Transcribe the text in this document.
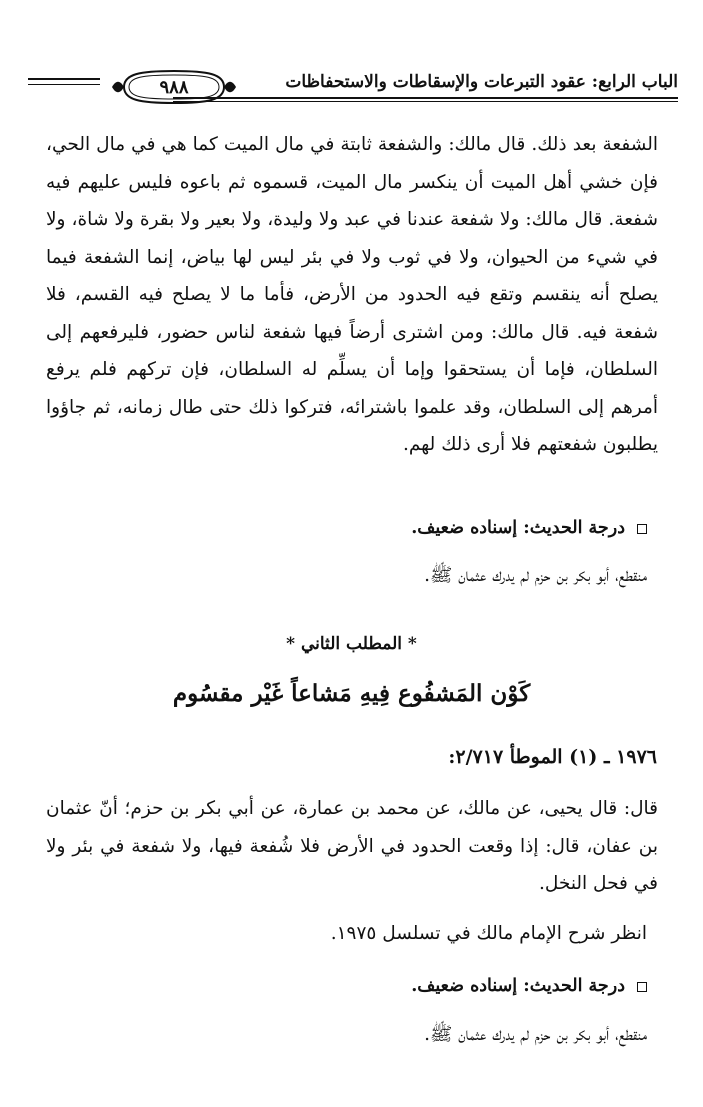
٩٨٨	الباب الرابع: عقود التبرعات والإسقاطات والاستحفاظات
الشفعة بعد ذلك. قال مالك: والشفعة ثابتة في مال الميت كما هي في مال الحي، فإن خشي أهل الميت أن ينكسر مال الميت، قسموه ثم باعوه فليس عليهم فيه شفعة. قال مالك: ولا شفعة عندنا في عبد ولا وليدة، ولا بعير ولا بقرة ولا شاة، ولا في شيء من الحيوان، ولا في ثوب ولا في بئر ليس لها بياض، إنما الشفعة فيما يصلح أنه ينقسم وتقع فيه الحدود من الأرض، فأما ما لا يصلح فيه القسم، فلا شفعة فيه. قال مالك: ومن اشترى أرضاً فيها شفعة لناس حضور، فليرفعهم إلى السلطان، فإما أن يستحقوا وإما أن يسلِّم له السلطان، فإن تركهم فلم يرفع أمرهم إلى السلطان، وقد علموا باشترائه، فتركوا ذلك حتى طال زمانه، ثم جاؤوا يطلبون شفعتهم فلا أرى ذلك لهم.
درجة الحديث: إسناده ضعيف.
منقطع، أبو بكر بن حزم لم يدرك عثمان ﷺ.
* المطلب الثاني *
كَوْن المَشفُوع فِيهِ مَشاعاً غَيْر مقسُوم
١٩٧٦ ـ (١) الموطأ ٢/٧١٧:
قال: قال يحيى، عن مالك، عن محمد بن عمارة، عن أبي بكر بن حزم؛ أنّ عثمان بن عفان، قال: إذا وقعت الحدود في الأرض فلا شُفعة فيها، ولا شفعة في بئر ولا في فحل النخل.
انظر شرح الإمام مالك في تسلسل ١٩٧٥.
درجة الحديث: إسناده ضعيف.
منقطع، أبو بكر بن حزم لم يدرك عثمان ﷺ.
